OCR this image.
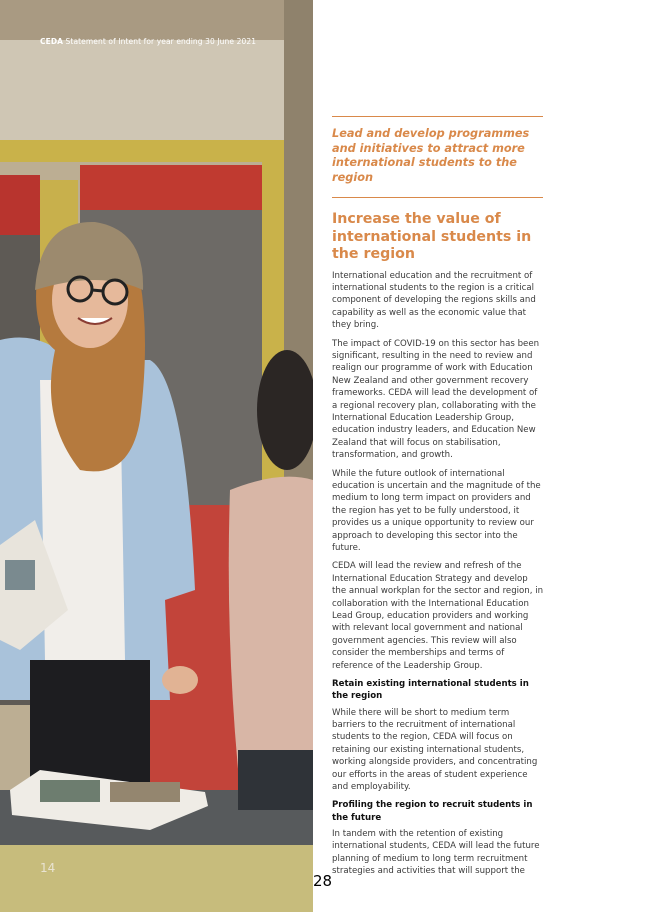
CEDA Statement of Intent for year ending 30 June 2021
14
Lead and develop programmes and initiatives to attract more international students to the region
Increase the value of international students in the region

International education and the recruitment of international students to the region is a critical component of developing the regions skills and capability as well as the economic value that they bring.

The impact of COVID-19 on this sector has been significant, resulting in the need to review and realign our programme of work with Education New Zealand and other government recovery frameworks. CEDA will lead the development of a regional recovery plan, collaborating with the International Education Leadership Group, education industry leaders, and Education New Zealand that will focus on stabilisation, transformation, and growth.

While the future outlook of international education is uncertain and the magnitude of the medium to long term impact on providers and the region has yet to be fully understood, it provides us a unique opportunity to review our approach to developing this sector into the future.

CEDA will lead the review and refresh of the International Education Strategy and develop the annual workplan for the sector and region, in collaboration with the International Education Lead Group, education providers and working with relevant local government and national government agencies. This review will also consider the memberships and terms of reference of the Leadership Group.

Retain existing international students in the region

While there will be short to medium term barriers to the recruitment of international students to the region, CEDA will focus on retaining our existing international students, working alongside providers, and concentrating our efforts in the areas of student experience and employability.

Profiling the region to recruit students in the future

In tandem with the retention of existing international students, CEDA will lead the future planning of medium to long term recruitment strategies and activities that will support the

28
